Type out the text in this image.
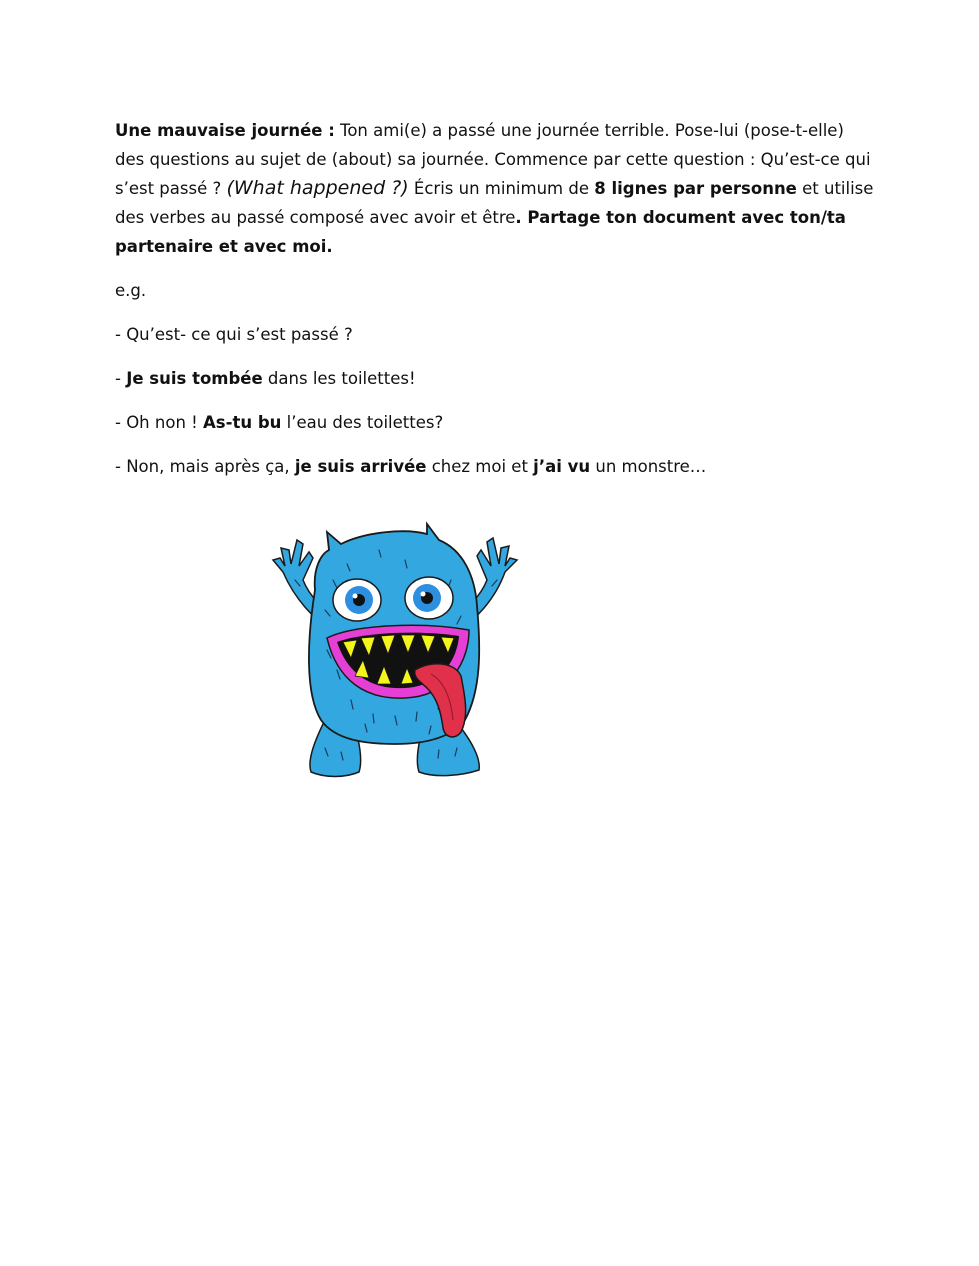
Une mauvaise journée : Ton ami(e) a passé une journée terrible. Pose-lui (pose-t-elle) des questions au sujet de (about) sa journée. Commence par cette question : Qu’est-ce qui s’est passé ? (What happened ?) Écris un minimum de 8 lignes par personne et utilise des verbes au passé composé avec avoir et être. Partage ton document avec ton/ta partenaire et avec moi.

e.g.

- Qu’est- ce qui s’est passé ?

- Je suis tombée dans les toilettes!

- Oh non ! As-tu bu l’eau des toilettes?

- Non, mais après ça, je suis arrivée chez moi et j’ai vu un monstre…
